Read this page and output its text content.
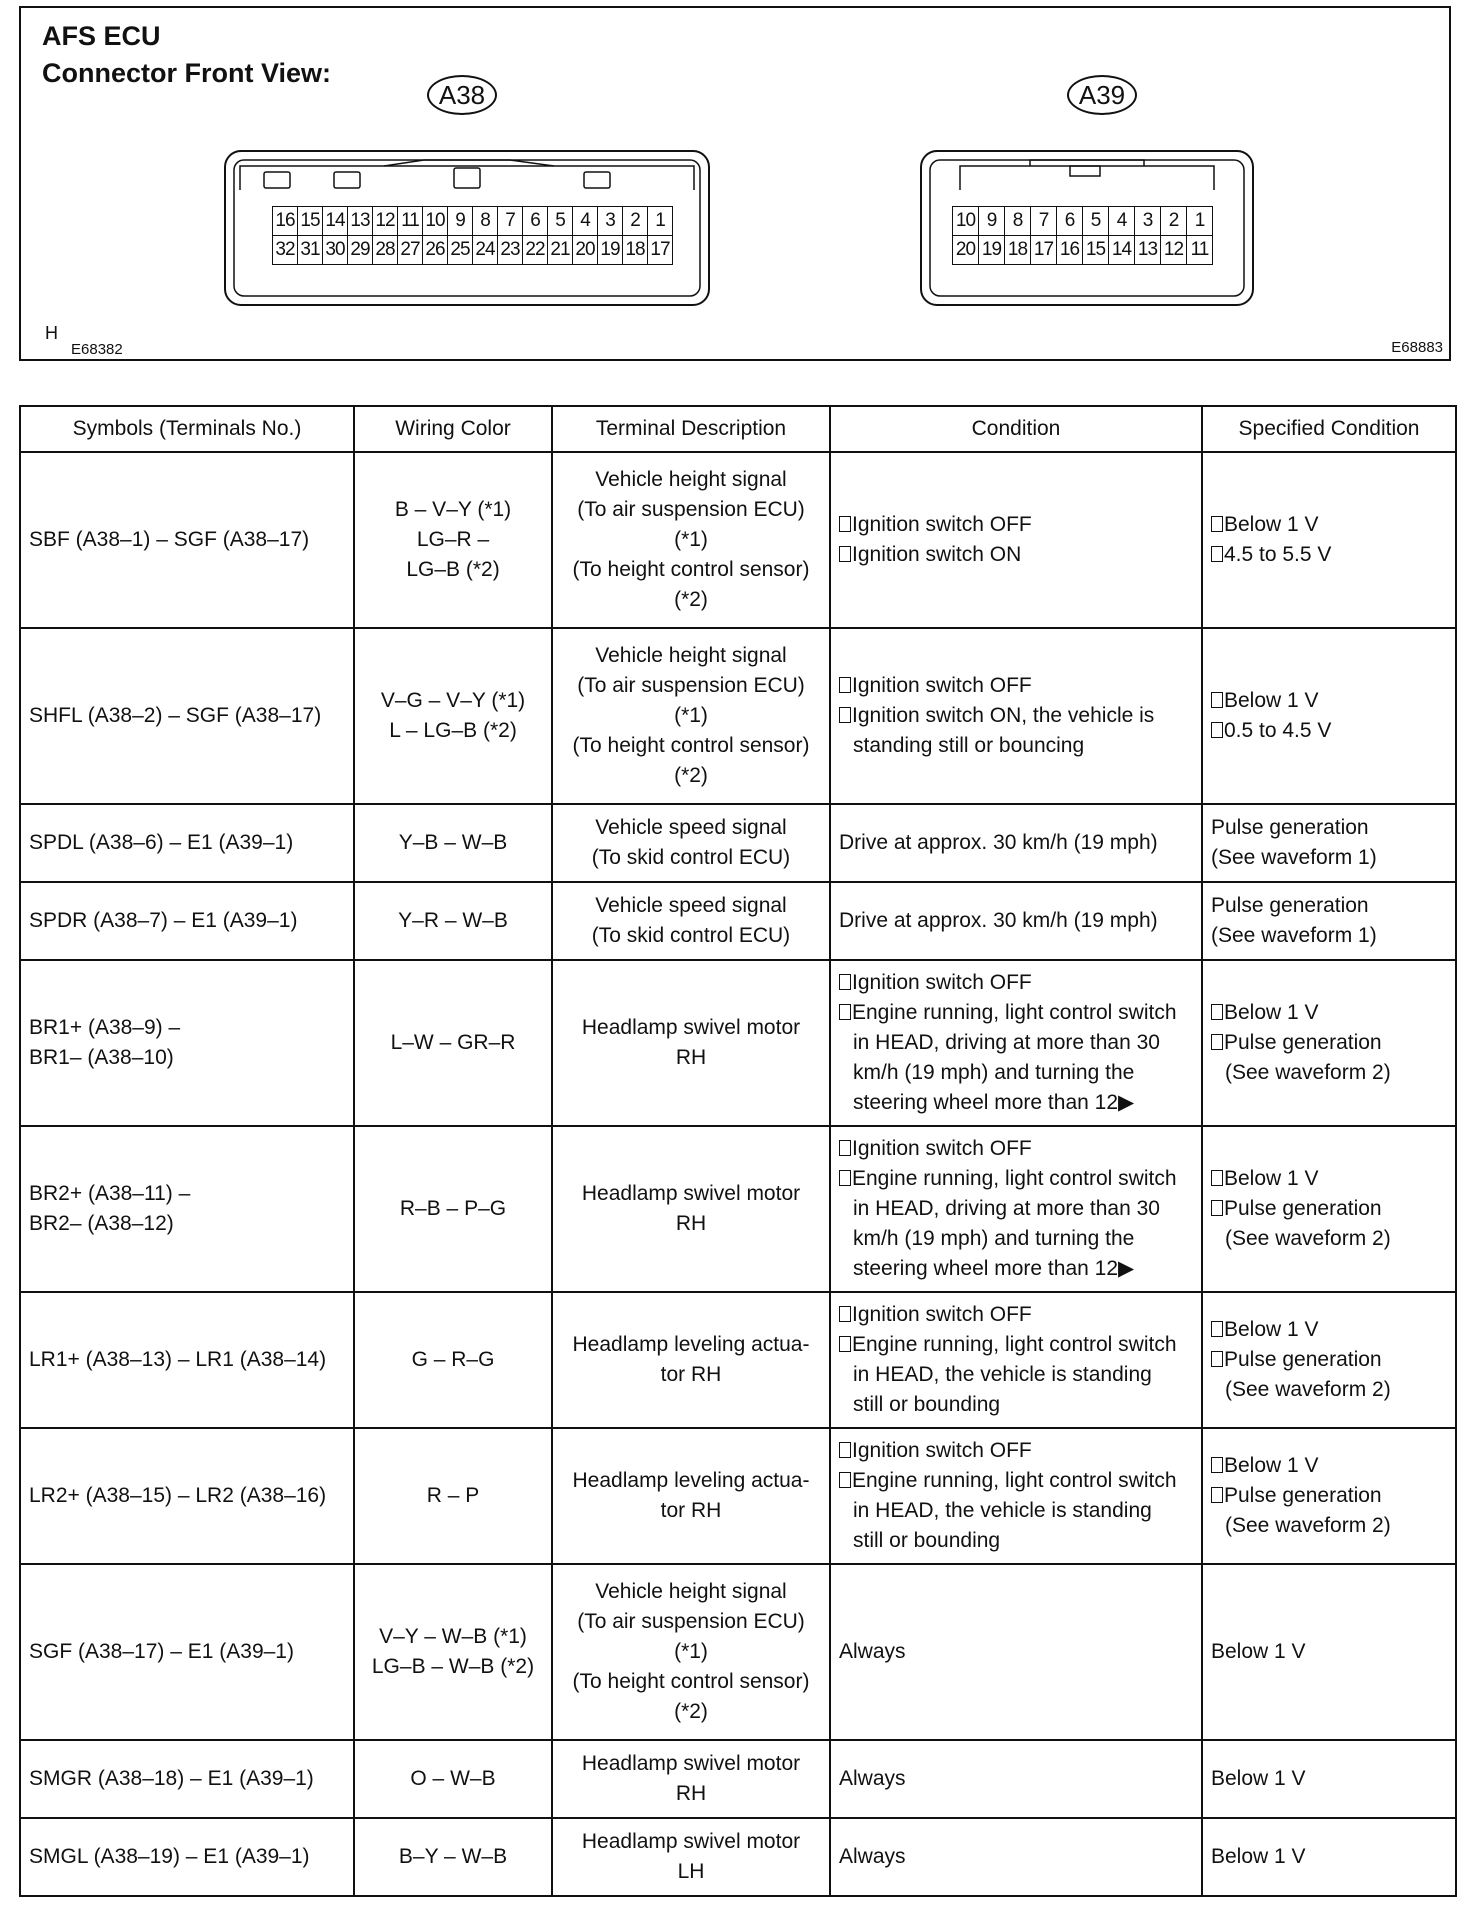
AFS ECU
Connector Front View:
A38	A39
16	15	14	13	12	11	10	9	8	7	6	5	4	3	2	1
32	31	30	29	28	27	26	25	24	23	22	21	20	19	18	17
10	9	8	7	6	5	4	3	2	1
20	19	18	17	16	15	14	13	12	11
H
E68382	E68883
Symbols (Terminals No.)	Wiring Color	Terminal Description	Condition	Specified Condition

SBF (A38–1) – SGF (A38–17)	B – V–Y (*1)
LG–R –
LG–B (*2)	Vehicle height signal
(To air suspension ECU)
(*1)
(To height control sensor)
(*2)	Ignition switch OFF
Ignition switch ON	Below 1 V
4.5 to 5.5 V

SHFL (A38–2) – SGF (A38–17)	V–G – V–Y (*1)
L – LG–B (*2)	Vehicle height signal
(To air suspension ECU)
(*1)
(To height control sensor)
(*2)	Ignition switch OFF
Ignition switch ON, the vehicle is
standing still or bouncing	Below 1 V
0.5 to 4.5 V

SPDL (A38–6) – E1 (A39–1)	Y–B – W–B	Vehicle speed signal
(To skid control ECU)	Drive at approx. 30 km/h (19 mph)	Pulse generation
(See waveform 1)

SPDR (A38–7) – E1 (A39–1)	Y–R – W–B	Vehicle speed signal
(To skid control ECU)	Drive at approx. 30 km/h (19 mph)	Pulse generation
(See waveform 1)

BR1+ (A38–9) –
BR1– (A38–10)	L–W – GR–R	Headlamp swivel motor
RH	Ignition switch OFF
Engine running, light control switch
in HEAD, driving at more than 30
km/h (19 mph) and turning the
steering wheel more than 12▶	Below 1 V
Pulse generation
(See waveform 2)

BR2+ (A38–11) –
BR2– (A38–12)	R–B – P–G	Headlamp swivel motor
RH	Ignition switch OFF
Engine running, light control switch
in HEAD, driving at more than 30
km/h (19 mph) and turning the
steering wheel more than 12▶	Below 1 V
Pulse generation
(See waveform 2)

LR1+ (A38–13) – LR1 (A38–14)	G – R–G	Headlamp leveling actua-
tor RH	Ignition switch OFF
Engine running, light control switch
in HEAD, the vehicle is standing
still or bounding	Below 1 V
Pulse generation
(See waveform 2)

LR2+ (A38–15) – LR2 (A38–16)	R – P	Headlamp leveling actua-
tor RH	Ignition switch OFF
Engine running, light control switch
in HEAD, the vehicle is standing
still or bounding	Below 1 V
Pulse generation
(See waveform 2)

SGF (A38–17) – E1 (A39–1)	V–Y – W–B (*1)
LG–B – W–B (*2)	Vehicle height signal
(To air suspension ECU)
(*1)
(To height control sensor)
(*2)	Always	Below 1 V

SMGR (A38–18) – E1 (A39–1)	O – W–B	Headlamp swivel motor
RH	Always	Below 1 V

SMGL (A38–19) – E1 (A39–1)	B–Y – W–B	Headlamp swivel motor
LH	Always	Below 1 V
